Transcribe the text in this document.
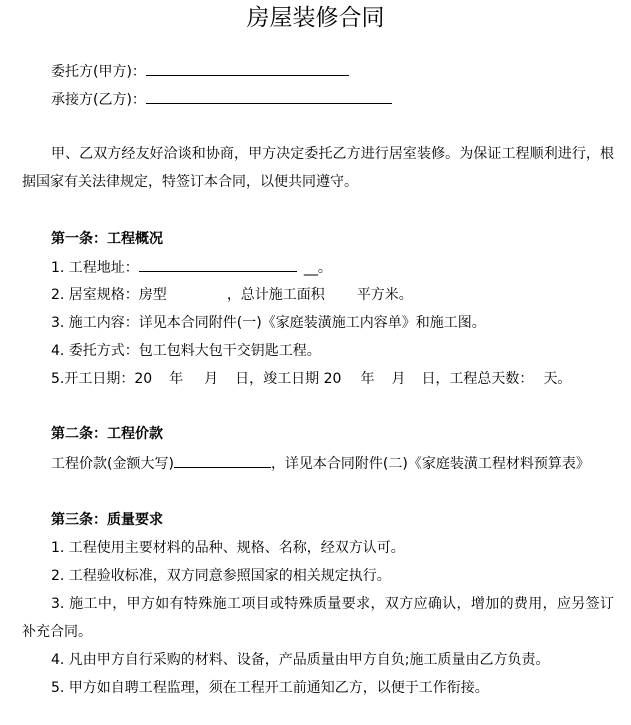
房屋装修合同
委托方(甲方)：
承接方(乙方)：
甲、乙双方经友好洽谈和协商，甲方决定委托乙方进行居室装修。为保证工程顺利进行，根据国家有关法律规定，特签订本合同，以便共同遵守。
第一条：工程概况
1. 工程地址：	__。
2. 居室规格：房型	，总计施工面积 平方米。
3. 施工内容：详见本合同附件(一)《家庭装潢施工内容单》和施工图。
4. 委托方式：包工包料大包干交钥匙工程。
5.开工日期：20 年 月 日，竣工日期 20 年 月 日，工程总天数： 天。
第二条：工程价款
工程价款(金额大写)	，详见本合同附件(二)《家庭装潢工程材料预算表》
第三条：质量要求
1. 工程使用主要材料的品种、规格、名称，经双方认可。
2. 工程验收标准，双方同意参照国家的相关规定执行。
3. 施工中，甲方如有特殊施工项目或特殊质量要求，双方应确认，增加的费用，应另签订补充合同。
4. 凡由甲方自行采购的材料、设备，产品质量由甲方自负;施工质量由乙方负责。
5. 甲方如自聘工程监理，须在工程开工前通知乙方，以便于工作衔接。
